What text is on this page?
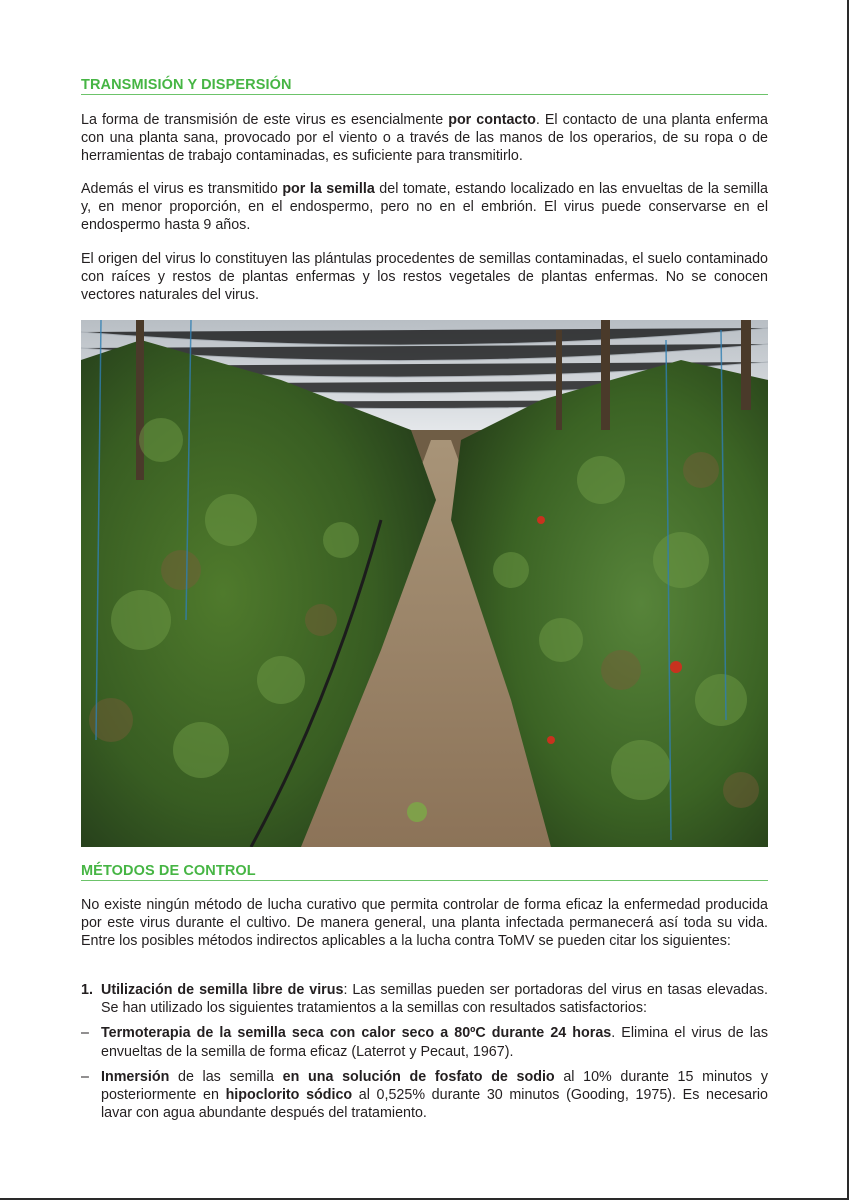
TRANSMISIÓN Y DISPERSIÓN

La forma de transmisión de este virus es esencialmente por contacto. El contacto de una planta enferma con una planta sana, provocado por el viento o a través de las manos de los operarios, de su ropa o de herramientas de trabajo contaminadas, es suficiente para transmitirlo.

Además el virus es transmitido por la semilla del tomate, estando localizado en las envueltas de la semilla y, en menor proporción, en el endospermo, pero no en el embrión. El virus puede conservarse en el endospermo hasta 9 años.

El origen del virus lo constituyen las plántulas procedentes de semillas contaminadas, el suelo contaminado con raíces y restos de plantas enfermas y los restos vegetales de plantas enfermas. No se conocen vectores naturales del virus.

MÉTODOS DE CONTROL

No existe ningún método de lucha curativo que permita controlar de forma eficaz la enfermedad producida por este virus durante el cultivo. De manera general, una planta infectada permanecerá así toda su vida. Entre los posibles métodos indirectos aplicables a la lucha contra ToMV se pueden citar los siguientes:

1. Utilización de semilla libre de virus: Las semillas pueden ser portadoras del virus en tasas elevadas. Se han utilizado los siguientes tratamientos a la semillas con resultados satisfactorios:

– Termoterapia de la semilla seca con calor seco a 80ºC durante 24 horas. Elimina el virus de las envueltas de la semilla de forma eficaz (Laterrot y Pecaut, 1967).

– Inmersión de las semilla en una solución de fosfato de sodio al 10% durante 15 minutos y posteriormente en hipoclorito sódico al 0,525% durante 30 minutos (Gooding, 1975). Es necesario lavar con agua abundante después del tratamiento.
